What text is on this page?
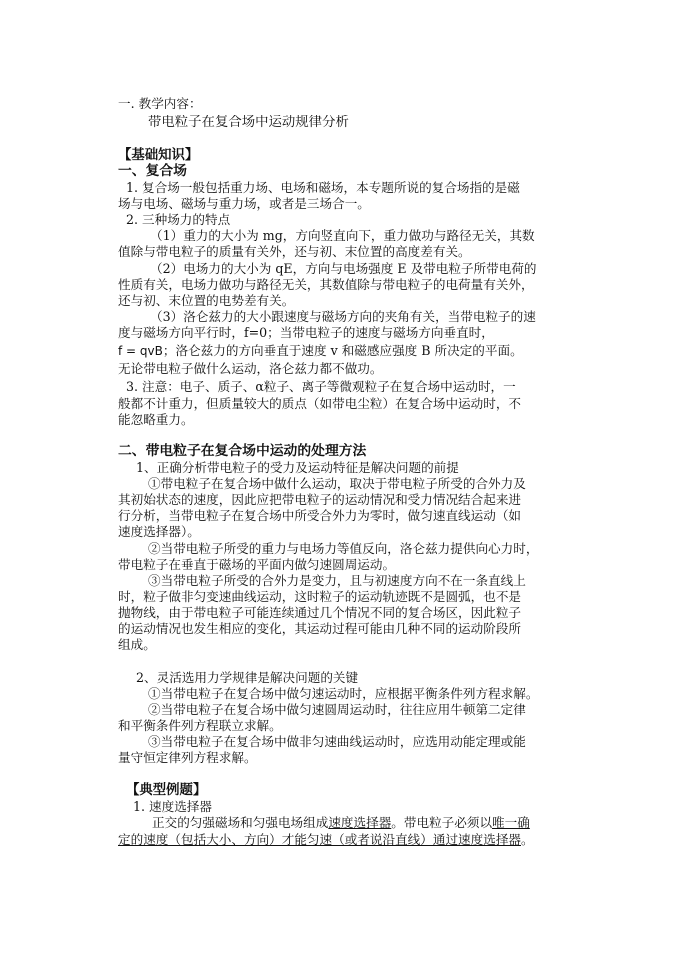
一. 教学内容：
带电粒子在复合场中运动规律分析
【基础知识】
一、复合场
1. 复合场一般包括重力场、电场和磁场，本专题所说的复合场指的是磁
场与电场、磁场与重力场，或者是三场合一。
2. 三种场力的特点
（1）重力的大小为 mg，方向竖直向下，重力做功与路径无关，其数
值除与带电粒子的质量有关外，还与初、末位置的高度差有关。
（2）电场力的大小为 qE，方向与电场强度 E 及带电粒子所带电荷的
性质有关，电场力做功与路径无关，其数值除与带电粒子的电荷量有关外，
还与初、末位置的电势差有关。
（3）洛仑兹力的大小跟速度与磁场方向的夹角有关，当带电粒子的速
度与磁场方向平行时，f=0；当带电粒子的速度与磁场方向垂直时，
f = qvB；洛仑兹力的方向垂直于速度 v 和磁感应强度 B 所决定的平面。
无论带电粒子做什么运动，洛仑兹力都不做功。
3. 注意：电子、质子、α粒子、离子等微观粒子在复合场中运动时，一
般都不计重力，但质量较大的质点（如带电尘粒）在复合场中运动时，不
能忽略重力。
二、带电粒子在复合场中运动的处理方法
1、正确分析带电粒子的受力及运动特征是解决问题的前提
①带电粒子在复合场中做什么运动，取决于带电粒子所受的合外力及
其初始状态的速度，因此应把带电粒子的运动情况和受力情况结合起来进
行分析，当带电粒子在复合场中所受合外力为零时，做匀速直线运动（如
速度选择器）。
②当带电粒子所受的重力与电场力等值反向，洛仑兹力提供向心力时，
带电粒子在垂直于磁场的平面内做匀速圆周运动。
③当带电粒子所受的合外力是变力，且与初速度方向不在一条直线上
时，粒子做非匀变速曲线运动，这时粒子的运动轨迹既不是圆弧，也不是
抛物线，由于带电粒子可能连续通过几个情况不同的复合场区，因此粒子
的运动情况也发生相应的变化，其运动过程可能由几种不同的运动阶段所
组成。
2、灵活选用力学规律是解决问题的关键
①当带电粒子在复合场中做匀速运动时，应根据平衡条件列方程求解。
②当带电粒子在复合场中做匀速圆周运动时，往往应用牛顿第二定律
和平衡条件列方程联立求解。
③当带电粒子在复合场中做非匀速曲线运动时，应选用动能定理或能
量守恒定律列方程求解。
【典型例题】
1. 速度选择器
正交的匀强磁场和匀强电场组成速度选择器。带电粒子必须以唯一确
定的速度（包括大小、方向）才能匀速（或者说沿直线）通过速度选择器。
